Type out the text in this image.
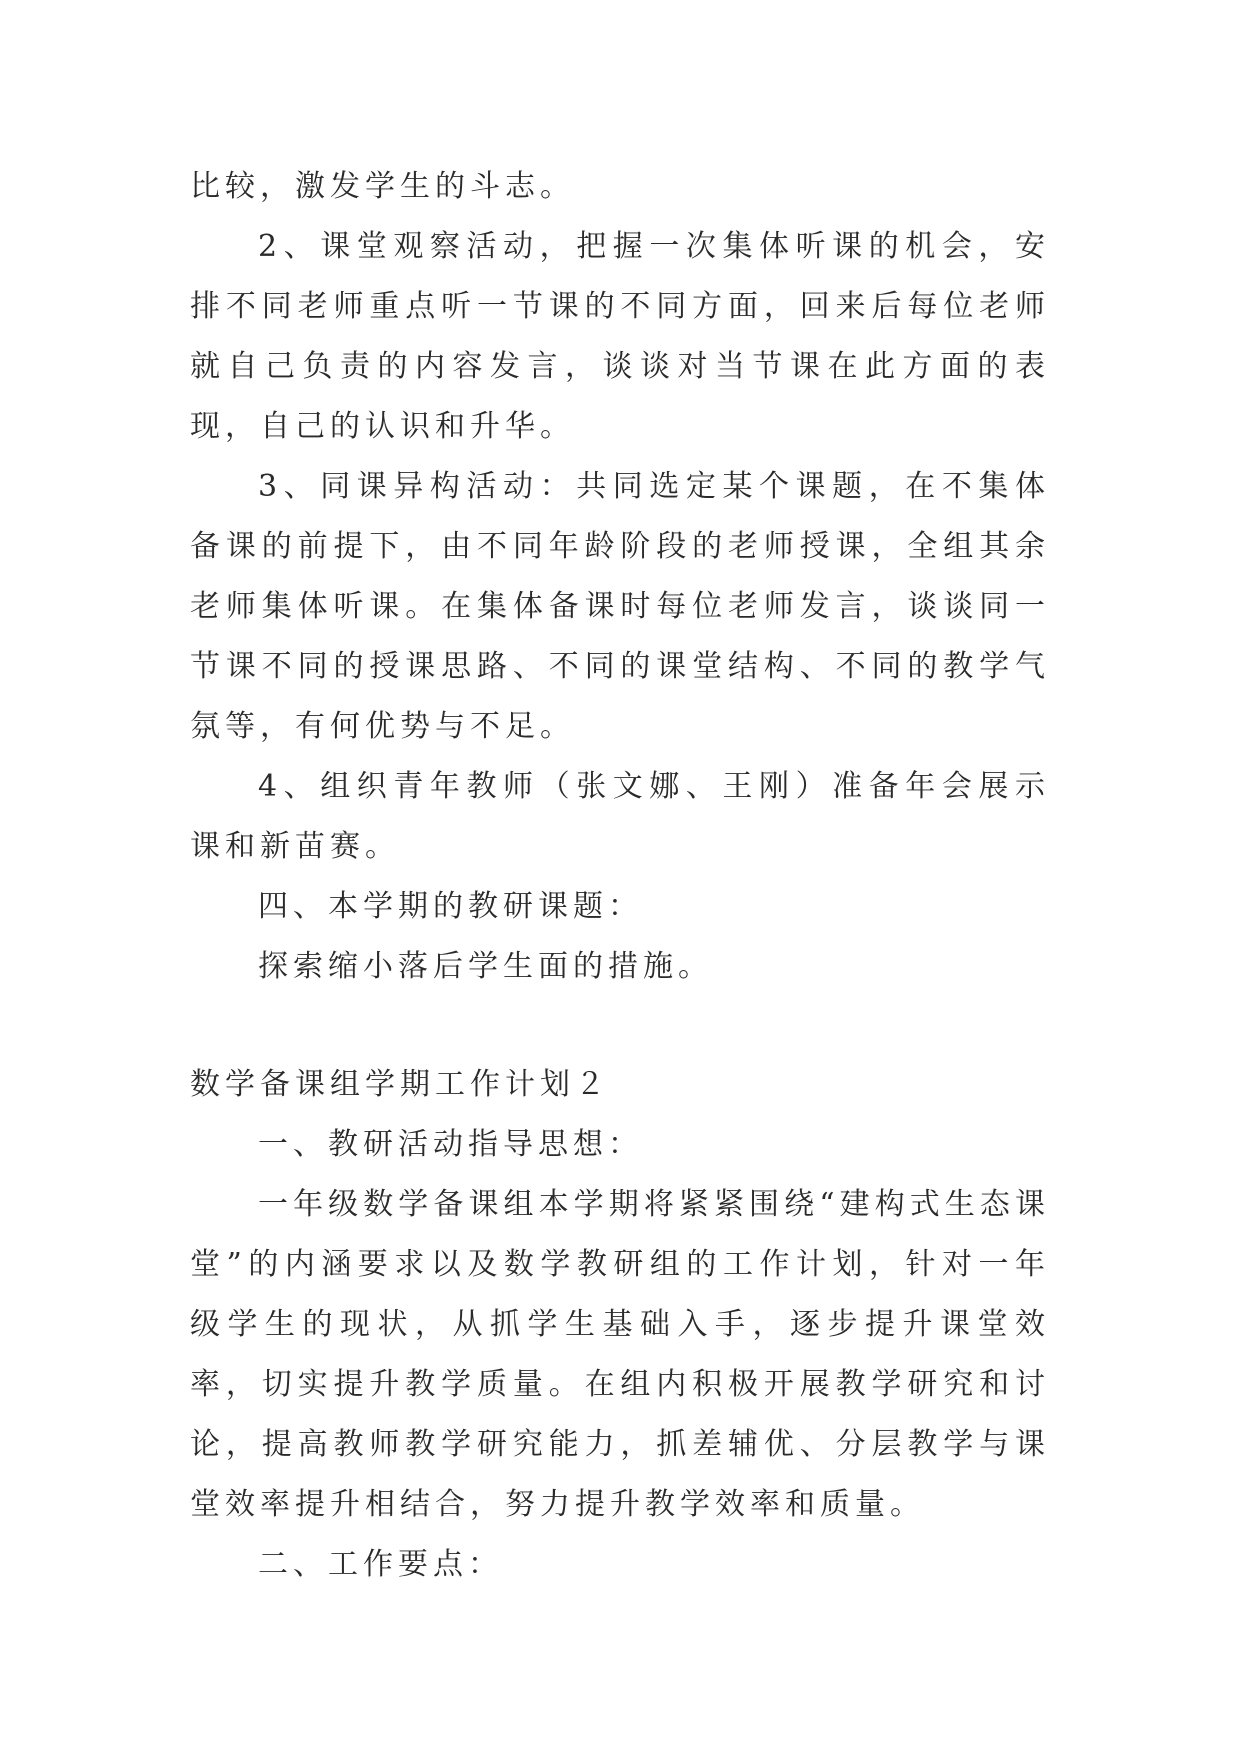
比较，激发学生的斗志。

2、课堂观察活动，把握一次集体听课的机会，安排不同老师重点听一节课的不同方面，回来后每位老师就自己负责的内容发言，谈谈对当节课在此方面的表现，自己的认识和升华。

3、同课异构活动：共同选定某个课题，在不集体备课的前提下，由不同年龄阶段的老师授课，全组其余老师集体听课。在集体备课时每位老师发言，谈谈同一节课不同的授课思路、不同的课堂结构、不同的教学气氛等，有何优势与不足。

4、组织青年教师（张文娜、王刚）准备年会展示课和新苗赛。

四、本学期的教研课题：

探索缩小落后学生面的措施。

数学备课组学期工作计划２

一、教研活动指导思想：

一年级数学备课组本学期将紧紧围绕“建构式生态课堂”的内涵要求以及数学教研组的工作计划，针对一年级学生的现状，从抓学生基础入手，逐步提升课堂效率，切实提升教学质量。在组内积极开展教学研究和讨论，提高教师教学研究能力，抓差辅优、分层教学与课堂效率提升相结合，努力提升教学效率和质量。

二、工作要点：
